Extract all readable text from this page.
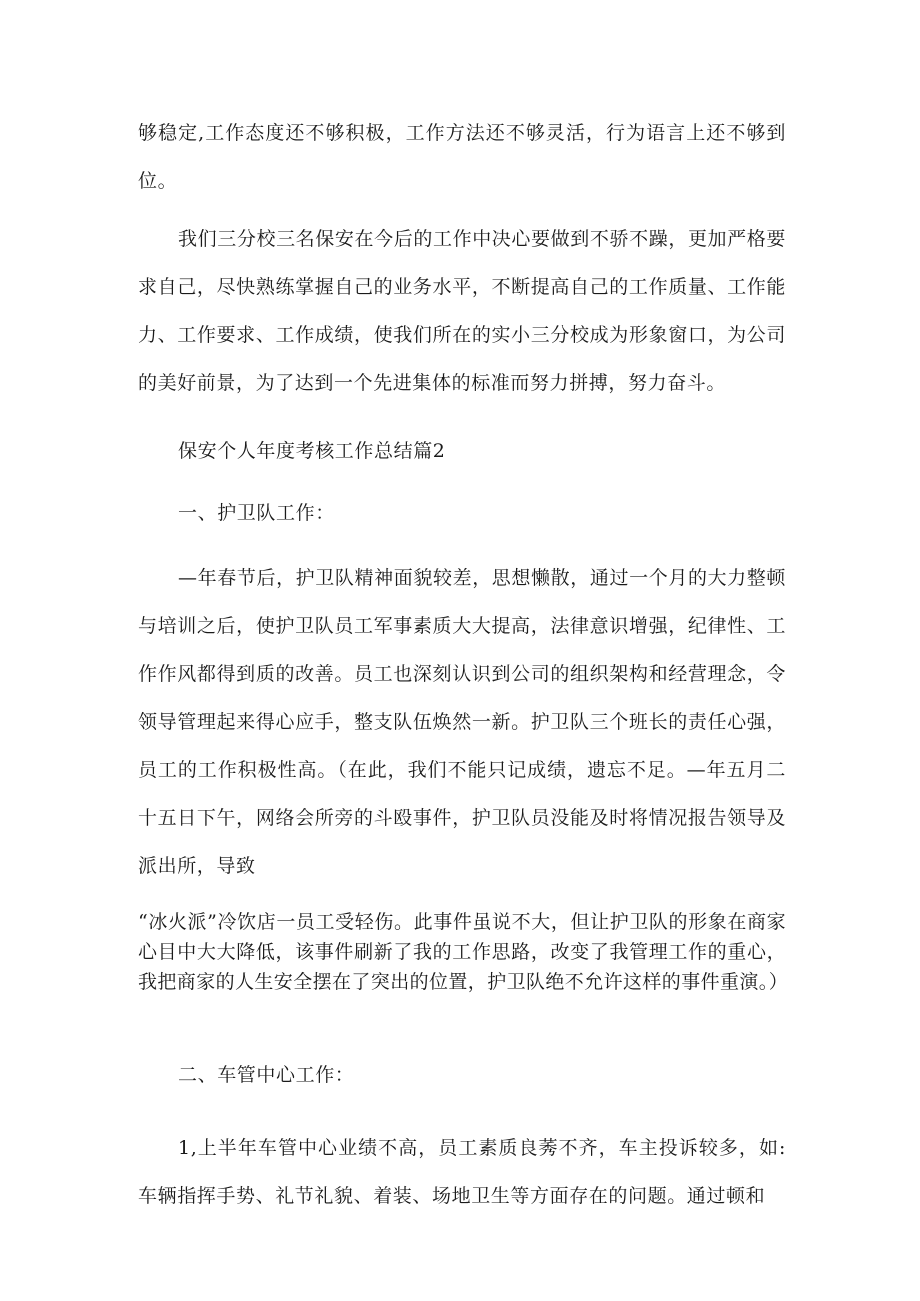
够稳定,工作态度还不够积极，工作方法还不够灵活，行为语言上还不够到位。

我们三分校三名保安在今后的工作中决心要做到不骄不躁，更加严格要求自己，尽快熟练掌握自己的业务水平，不断提高自己的工作质量、工作能力、工作要求、工作成绩，使我们所在的实小三分校成为形象窗口，为公司的美好前景，为了达到一个先进集体的标准而努力拼搏，努力奋斗。

保安个人年度考核工作总结篇2

一、护卫队工作：

—年春节后，护卫队精神面貌较差，思想懒散，通过一个月的大力整顿与培训之后，使护卫队员工军事素质大大提高，法律意识增强，纪律性、工作作风都得到质的改善。员工也深刻认识到公司的组织架构和经营理念，令领导管理起来得心应手，整支队伍焕然一新。护卫队三个班长的责任心强，员工的工作积极性高。（在此，我们不能只记成绩，遗忘不足。—年五月二十五日下午，网络会所旁的斗殴事件，护卫队员没能及时将情况报告领导及派出所，导致

“冰火派”冷饮店一员工受轻伤。此事件虽说不大，但让护卫队的形象在商家心目中大大降低，该事件刷新了我的工作思路，改变了我管理工作的重心，我把商家的人生安全摆在了突出的位置，护卫队绝不允许这样的事件重演。）

二、车管中心工作：

1,上半年车管中心业绩不高，员工素质良莠不齐，车主投诉较多，如:车辆指挥手势、礼节礼貌、着装、场地卫生等方面存在的问题。通过顿和
